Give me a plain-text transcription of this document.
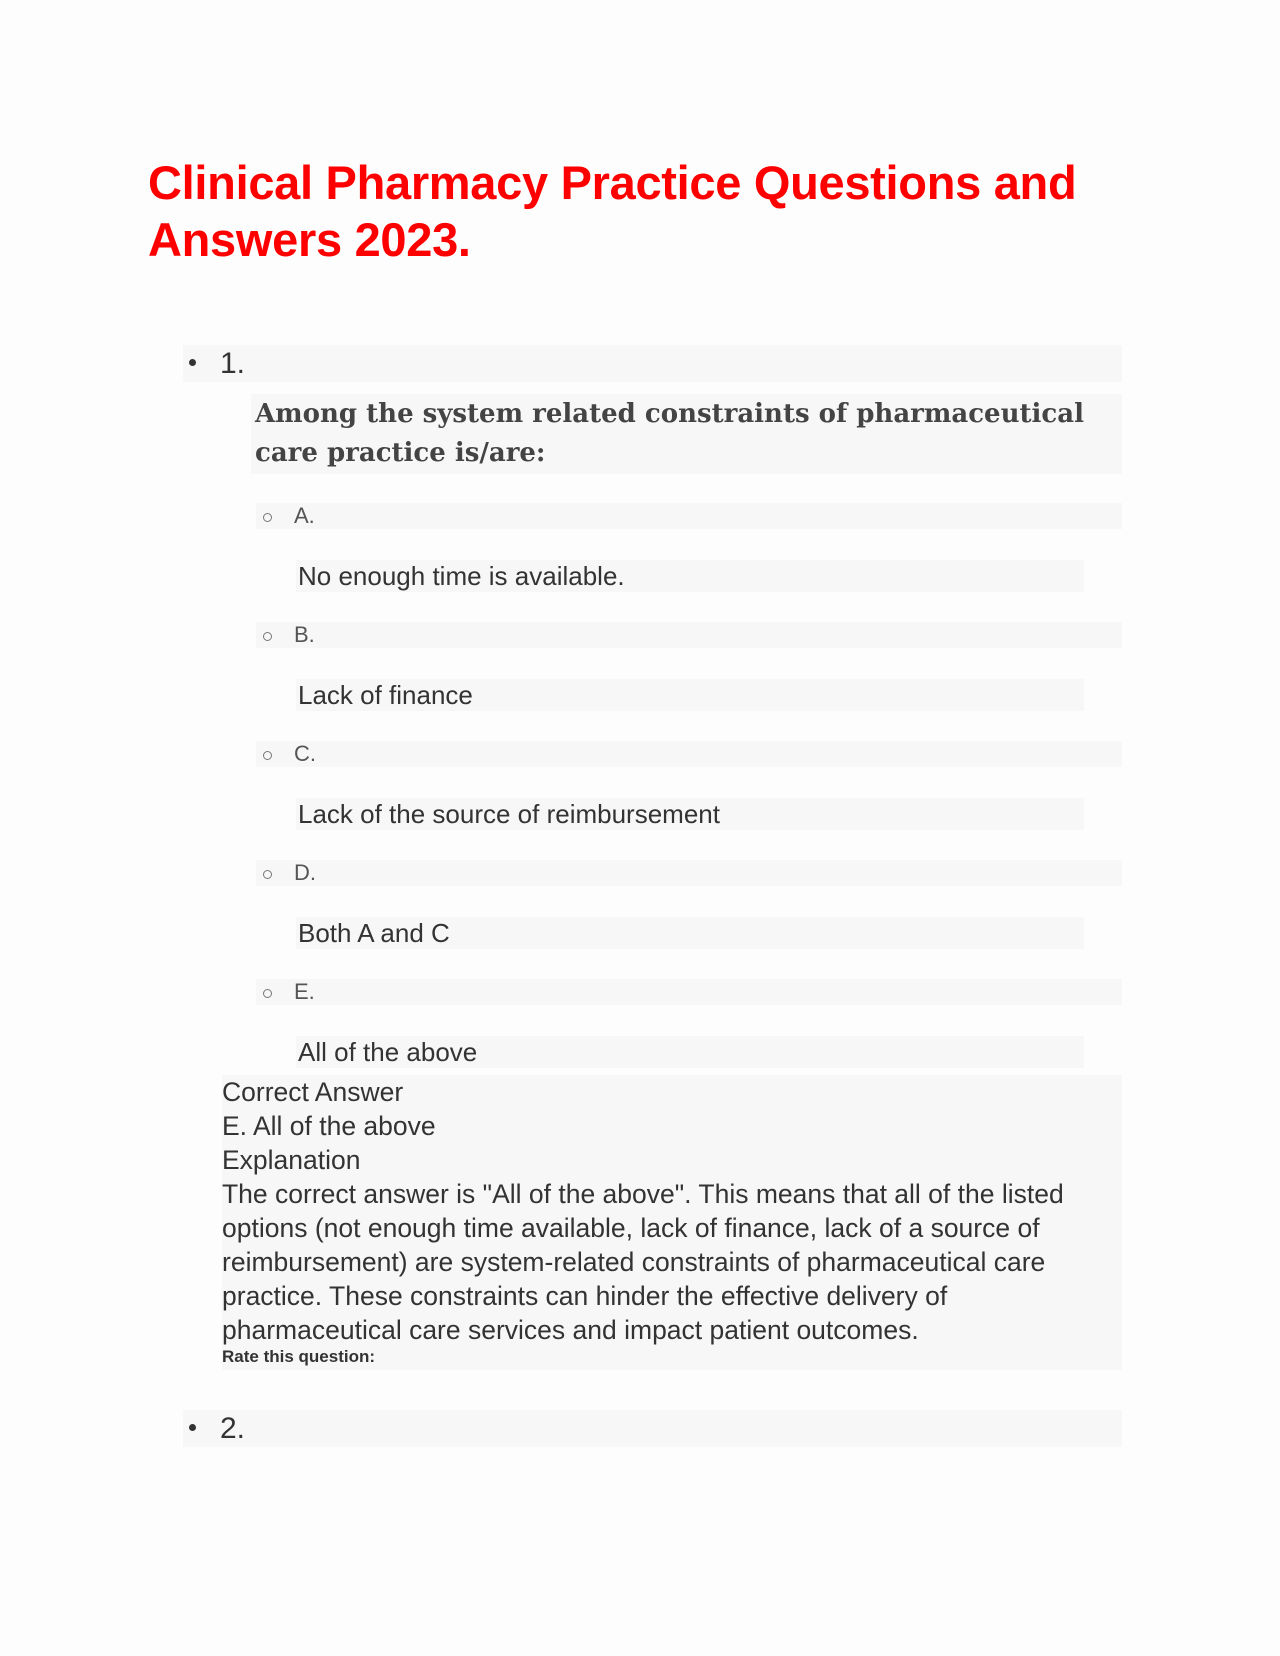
Clinical Pharmacy Practice Questions and Answers 2023.
1.
Among the system related constraints of pharmaceutical care practice is/are:
A.
No enough time is available.
B.
Lack of finance
C.
Lack of the source of reimbursement
D.
Both A and C
E.
All of the above
Correct Answer
E. All of the above
Explanation
The correct answer is "All of the above". This means that all of the listed
options (not enough time available, lack of finance, lack of a source of
reimbursement) are system-related constraints of pharmaceutical care
practice. These constraints can hinder the effective delivery of
pharmaceutical care services and impact patient outcomes.
Rate this question:
2.
